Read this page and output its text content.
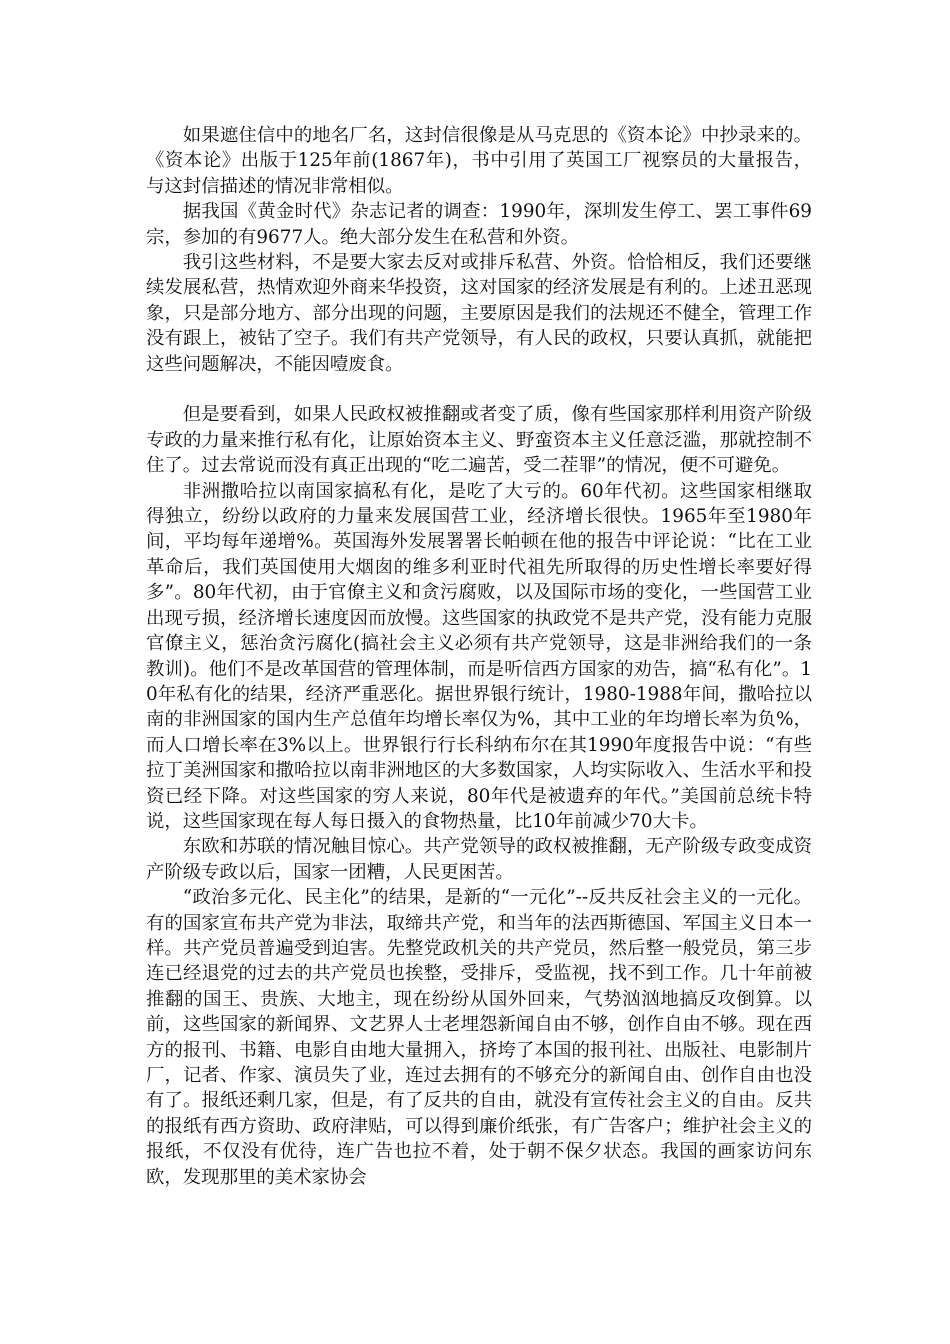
如果遮住信中的地名厂名，这封信很像是从马克思的《资本论》中抄录来的。《资本论》出版于125年前(1867年)，书中引用了英国工厂视察员的大量报告，与这封信描述的情况非常相似。

据我国《黄金时代》杂志记者的调查：1990年，深圳发生停工、罢工事件69宗，参加的有9677人。绝大部分发生在私营和外资。

我引这些材料，不是要大家去反对或排斥私营、外资。恰恰相反，我们还要继续发展私营，热情欢迎外商来华投资，这对国家的经济发展是有利的。上述丑恶现象，只是部分地方、部分出现的问题，主要原因是我们的法规还不健全，管理工作没有跟上，被钻了空子。我们有共产党领导，有人民的政权，只要认真抓，就能把这些问题解决，不能因噎废食。

但是要看到，如果人民政权被推翻或者变了质，像有些国家那样利用资产阶级专政的力量来推行私有化，让原始资本主义、野蛮资本主义任意泛滥，那就控制不住了。过去常说而没有真正出现的“吃二遍苦，受二茬罪”的情况，便不可避免。

非洲撒哈拉以南国家搞私有化，是吃了大亏的。60年代初。这些国家相继取得独立，纷纷以政府的力量来发展国营工业，经济增长很快。1965年至1980年间，平均每年递增%。英国海外发展署署长帕顿在他的报告中评论说：“比在工业革命后，我们英国使用大烟囱的维多利亚时代祖先所取得的历史性增长率要好得多”。80年代初，由于官僚主义和贪污腐败，以及国际市场的变化，一些国营工业出现亏损，经济增长速度因而放慢。这些国家的执政党不是共产党，没有能力克服官僚主义，惩治贪污腐化(搞社会主义必须有共产党领导，这是非洲给我们的一条教训)。他们不是改革国营的管理体制，而是听信西方国家的劝告，搞“私有化”。10年私有化的结果，经济严重恶化。据世界银行统计，1980-1988年间，撒哈拉以南的非洲国家的国内生产总值年均增长率仅为%，其中工业的年均增长率为负%，而人口增长率在3%以上。世界银行行长科纳布尔在其1990年度报告中说：“有些拉丁美洲国家和撒哈拉以南非洲地区的大多数国家，人均实际收入、生活水平和投资已经下降。对这些国家的穷人来说，80年代是被遗弃的年代。”美国前总统卡特说，这些国家现在每人每日摄入的食物热量，比10年前减少70大卡。

东欧和苏联的情况触目惊心。共产党领导的政权被推翻，无产阶级专政变成资产阶级专政以后，国家一团糟，人民更困苦。

“政治多元化、民主化”的结果，是新的“一元化”--反共反社会主义的一元化。有的国家宣布共产党为非法，取缔共产党，和当年的法西斯德国、军国主义日本一样。共产党员普遍受到迫害。先整党政机关的共产党员，然后整一般党员，第三步连已经退党的过去的共产党员也挨整，受排斥，受监视，找不到工作。几十年前被推翻的国王、贵族、大地主，现在纷纷从国外回来，气势汹汹地搞反攻倒算。以前，这些国家的新闻界、文艺界人士老埋怨新闻自由不够，创作自由不够。现在西方的报刊、书籍、电影自由地大量拥入，挤垮了本国的报刊社、出版社、电影制片厂，记者、作家、演员失了业，连过去拥有的不够充分的新闻自由、创作自由也没有了。报纸还剩几家，但是，有了反共的自由，就没有宣传社会主义的自由。反共的报纸有西方资助、政府津贴，可以得到廉价纸张，有广告客户；维护社会主义的报纸，不仅没有优待，连广告也拉不着，处于朝不保夕状态。我国的画家访问东欧，发现那里的美术家协会
